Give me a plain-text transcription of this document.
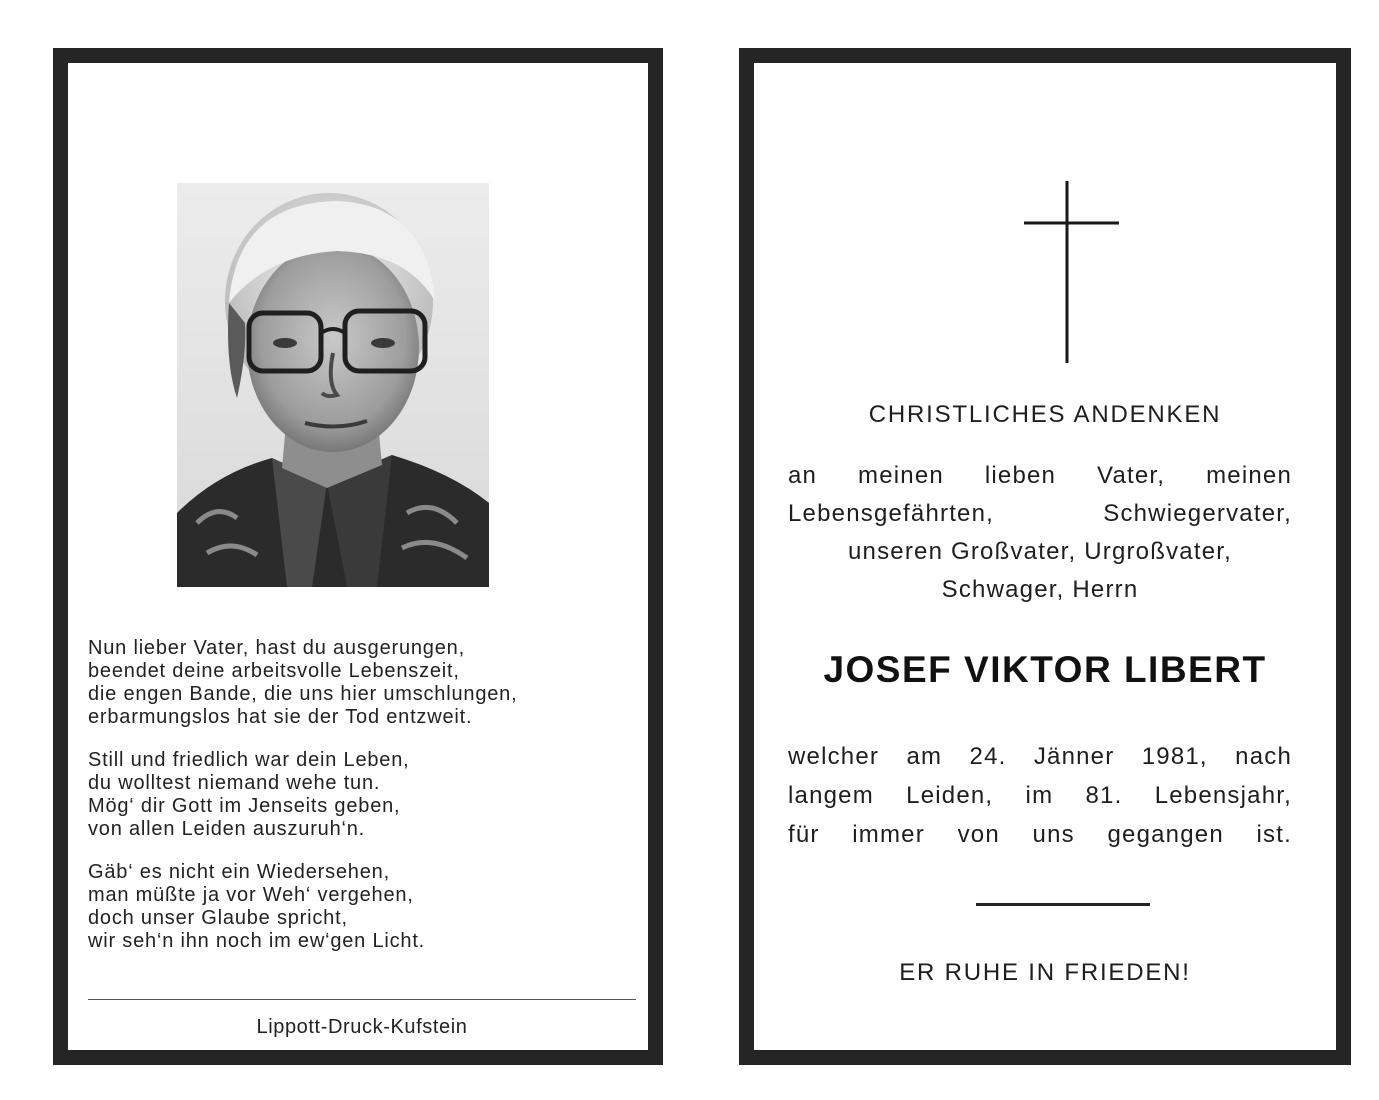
Nun lieber Vater, hast du ausgerungen,
beendet deine arbeitsvolle Lebenszeit,
die engen Bande, die uns hier umschlungen,
erbarmungslos hat sie der Tod entzweit.
Still und friedlich war dein Leben,
du wolltest niemand wehe tun.
Mög‘ dir Gott im Jenseits geben,
von allen Leiden auszuruh‘n.
Gäb‘ es nicht ein Wiedersehen,
man müßte ja vor Weh‘ vergehen,
doch unser Glaube spricht,
wir seh‘n ihn noch im ew‘gen Licht.
Lippott-Druck-Kufstein
CHRISTLICHES ANDENKEN
an meinen lieben Vater, meinen
Lebensgefährten, Schwiegervater,
unseren Großvater, Urgroßvater,
Schwager, Herrn
JOSEF VIKTOR LIBERT
welcher am 24. Jänner 1981, nach
langem Leiden, im 81. Lebensjahr,
für immer von uns gegangen ist.
ER RUHE IN FRIEDEN!
